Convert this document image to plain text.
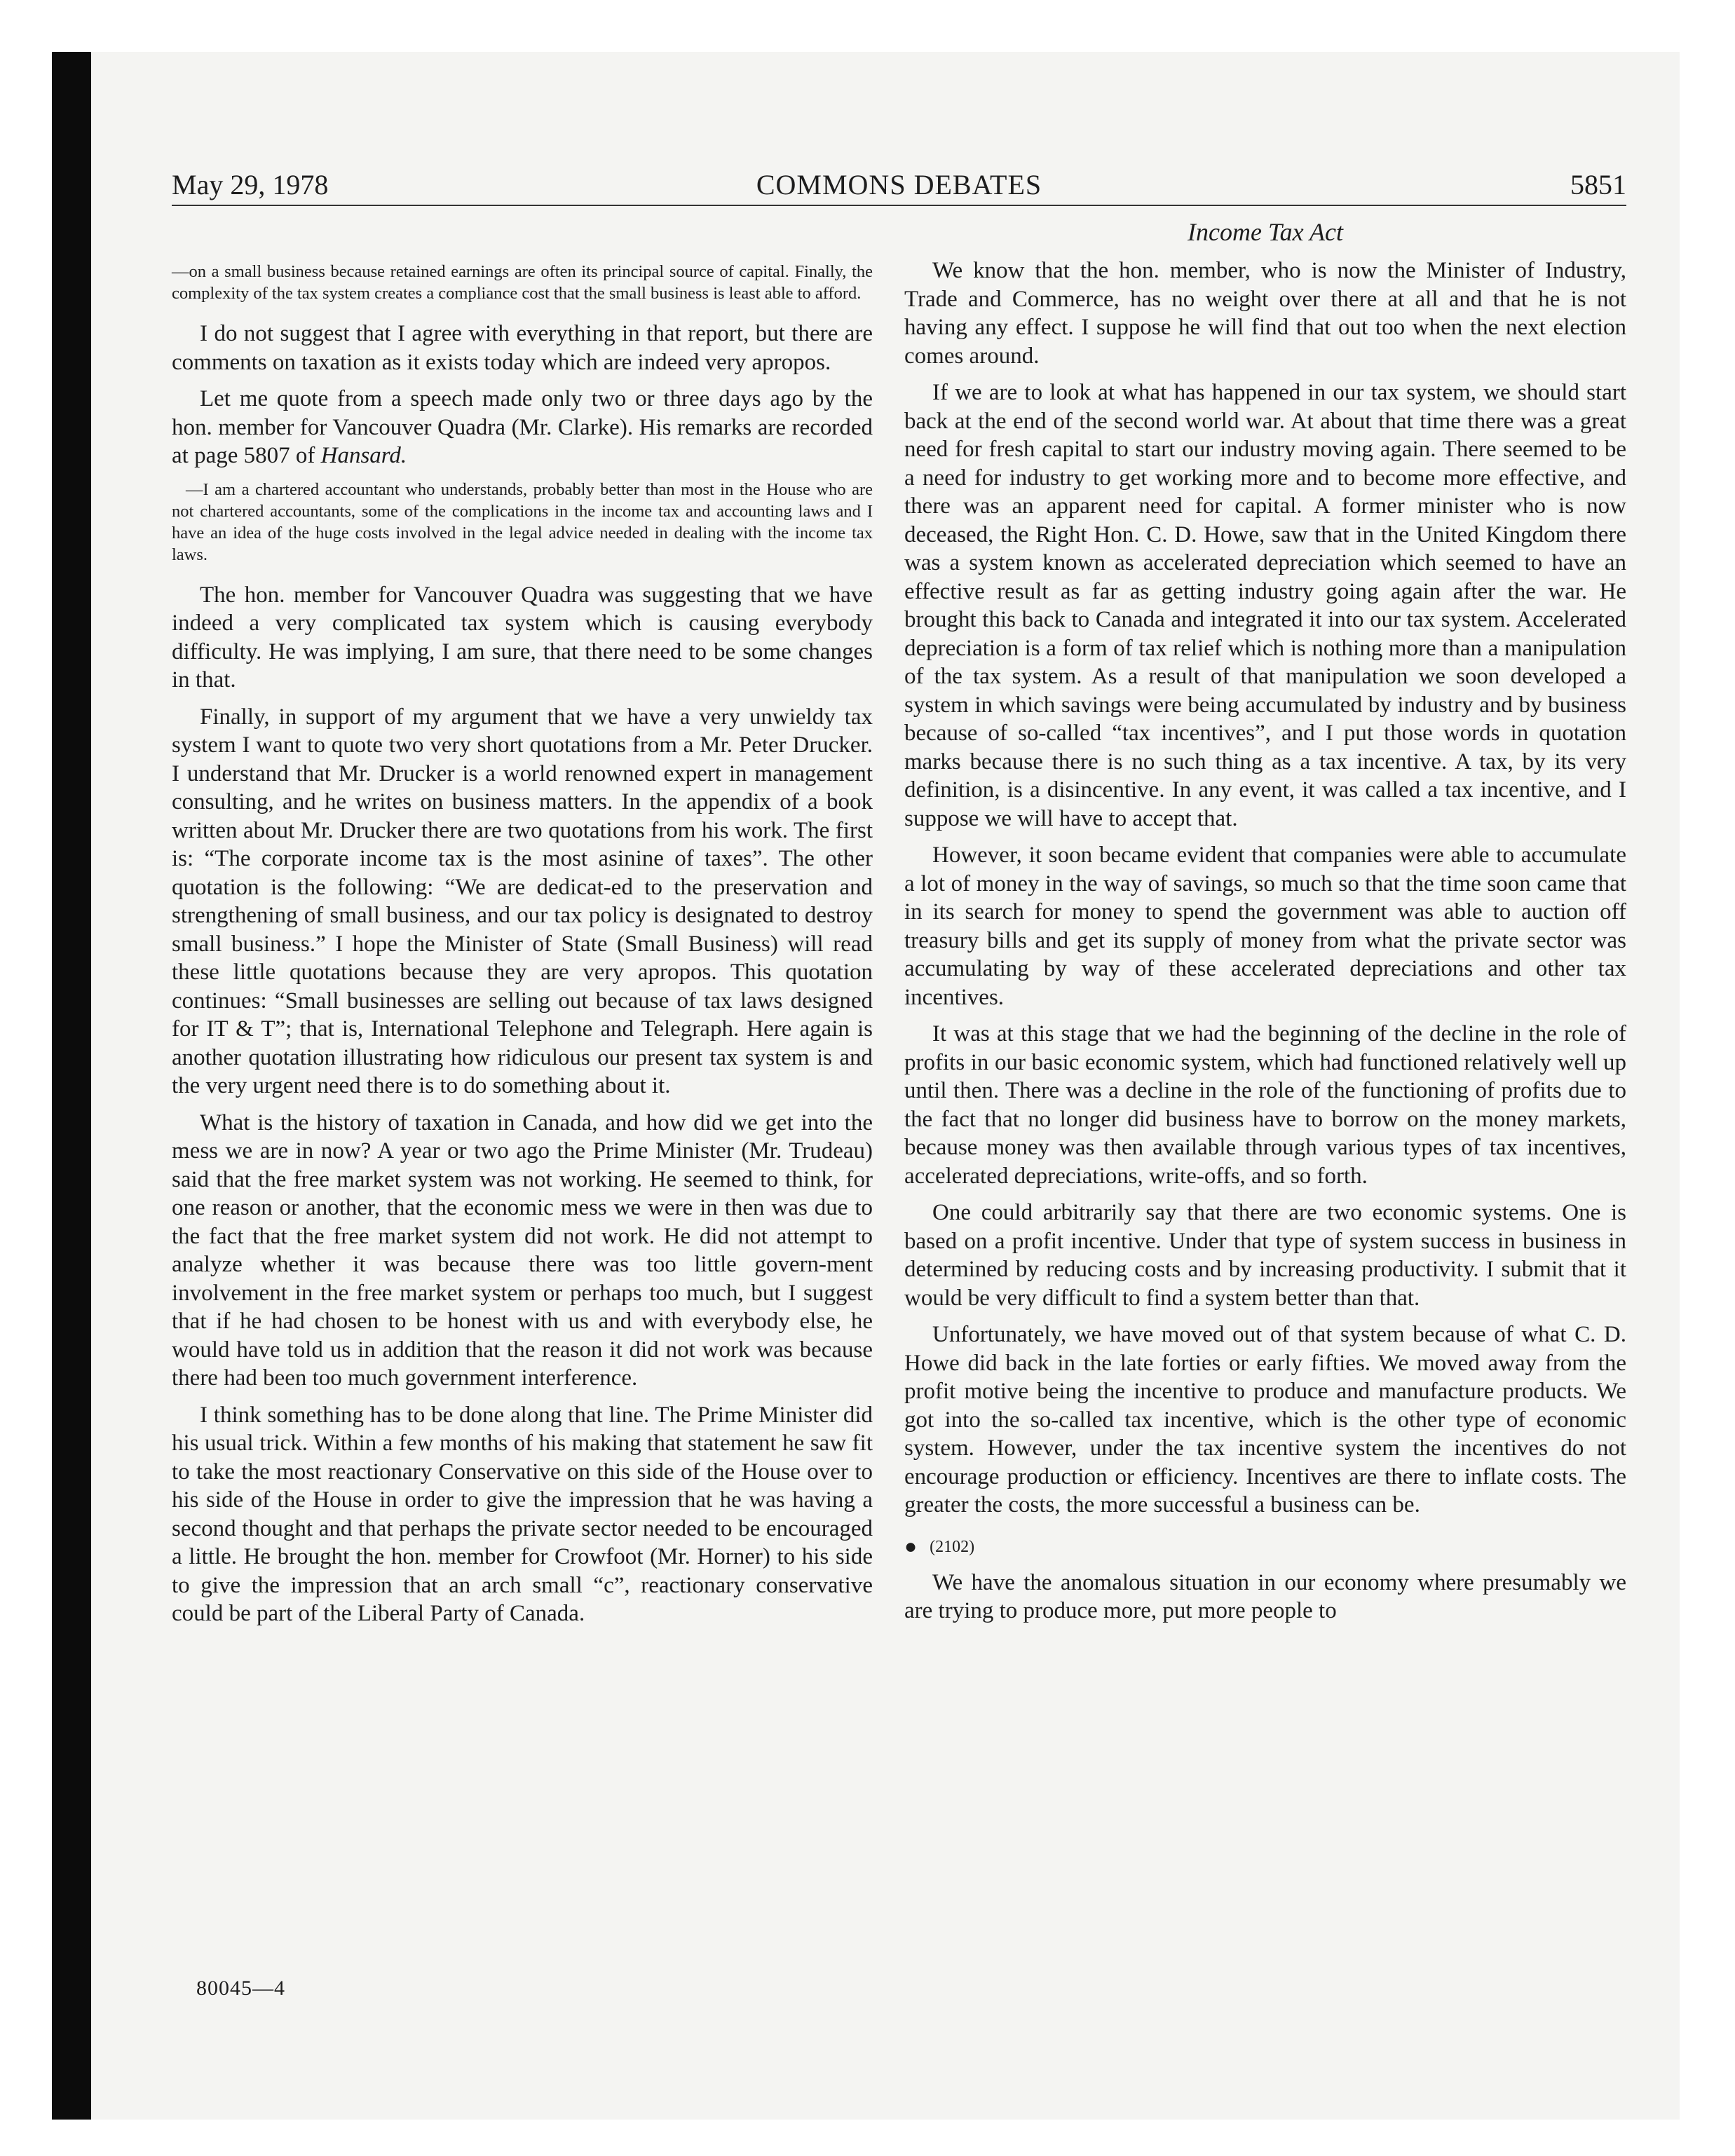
May 29, 1978	COMMONS DEBATES	5851

—on a small business because retained earnings are often its principal source of capital. Finally, the complexity of the tax system creates a compliance cost that the small business is least able to afford.

I do not suggest that I agree with everything in that report, but there are comments on taxation as it exists today which are indeed very apropos.

Let me quote from a speech made only two or three days ago by the hon. member for Vancouver Quadra (Mr. Clarke). His remarks are recorded at page 5807 of Hansard.

—I am a chartered accountant who understands, probably better than most in the House who are not chartered accountants, some of the complications in the income tax and accounting laws and I have an idea of the huge costs involved in the legal advice needed in dealing with the income tax laws.

The hon. member for Vancouver Quadra was suggesting that we have indeed a very complicated tax system which is causing everybody difficulty. He was implying, I am sure, that there need to be some changes in that.

Finally, in support of my argument that we have a very unwieldy tax system I want to quote two very short quotations from a Mr. Peter Drucker. I understand that Mr. Drucker is a world renowned expert in management consulting, and he writes on business matters. In the appendix of a book written about Mr. Drucker there are two quotations from his work. The first is: “The corporate income tax is the most asinine of taxes”. The other quotation is the following: “We are dedicat-ed to the preservation and strengthening of small business, and our tax policy is designated to destroy small business.” I hope the Minister of State (Small Business) will read these little quotations because they are very apropos. This quotation continues: “Small businesses are selling out because of tax laws designed for IT & T”; that is, International Telephone and Telegraph. Here again is another quotation illustrating how ridiculous our present tax system is and the very urgent need there is to do something about it.

What is the history of taxation in Canada, and how did we get into the mess we are in now? A year or two ago the Prime Minister (Mr. Trudeau) said that the free market system was not working. He seemed to think, for one reason or another, that the economic mess we were in then was due to the fact that the free market system did not work. He did not attempt to analyze whether it was because there was too little govern-ment involvement in the free market system or perhaps too much, but I suggest that if he had chosen to be honest with us and with everybody else, he would have told us in addition that the reason it did not work was because there had been too much government interference.

I think something has to be done along that line. The Prime Minister did his usual trick. Within a few months of his making that statement he saw fit to take the most reactionary Conservative on this side of the House over to his side of the House in order to give the impression that he was having a second thought and that perhaps the private sector needed to be encouraged a little. He brought the hon. member for Crowfoot (Mr. Horner) to his side to give the impression that an arch small “c”, reactionary conservative could be part of the Liberal Party of Canada.

Income Tax Act

We know that the hon. member, who is now the Minister of Industry, Trade and Commerce, has no weight over there at all and that he is not having any effect. I suppose he will find that out too when the next election comes around.

If we are to look at what has happened in our tax system, we should start back at the end of the second world war. At about that time there was a great need for fresh capital to start our industry moving again. There seemed to be a need for industry to get working more and to become more effective, and there was an apparent need for capital. A former minister who is now deceased, the Right Hon. C. D. Howe, saw that in the United Kingdom there was a system known as accelerated depreciation which seemed to have an effective result as far as getting industry going again after the war. He brought this back to Canada and integrated it into our tax system. Accelerated depreciation is a form of tax relief which is nothing more than a manipulation of the tax system. As a result of that manipulation we soon developed a system in which savings were being accumulated by industry and by business because of so-called “tax incentives”, and I put those words in quotation marks because there is no such thing as a tax incentive. A tax, by its very definition, is a disincentive. In any event, it was called a tax incentive, and I suppose we will have to accept that.

However, it soon became evident that companies were able to accumulate a lot of money in the way of savings, so much so that the time soon came that in its search for money to spend the government was able to auction off treasury bills and get its supply of money from what the private sector was accumulating by way of these accelerated depreciations and other tax incentives.

It was at this stage that we had the beginning of the decline in the role of profits in our basic economic system, which had functioned relatively well up until then. There was a decline in the role of the functioning of profits due to the fact that no longer did business have to borrow on the money markets, because money was then available through various types of tax incentives, accelerated depreciations, write-offs, and so forth.

One could arbitrarily say that there are two economic systems. One is based on a profit incentive. Under that type of system success in business in determined by reducing costs and by increasing productivity. I submit that it would be very difficult to find a system better than that.

Unfortunately, we have moved out of that system because of what C. D. Howe did back in the late forties or early fifties. We moved away from the profit motive being the incentive to produce and manufacture products. We got into the so-called tax incentive, which is the other type of economic system. However, under the tax incentive system the incentives do not encourage production or efficiency. Incentives are there to inflate costs. The greater the costs, the more successful a business can be.

● (2102)

We have the anomalous situation in our economy where presumably we are trying to produce more, put more people to

80045—4
